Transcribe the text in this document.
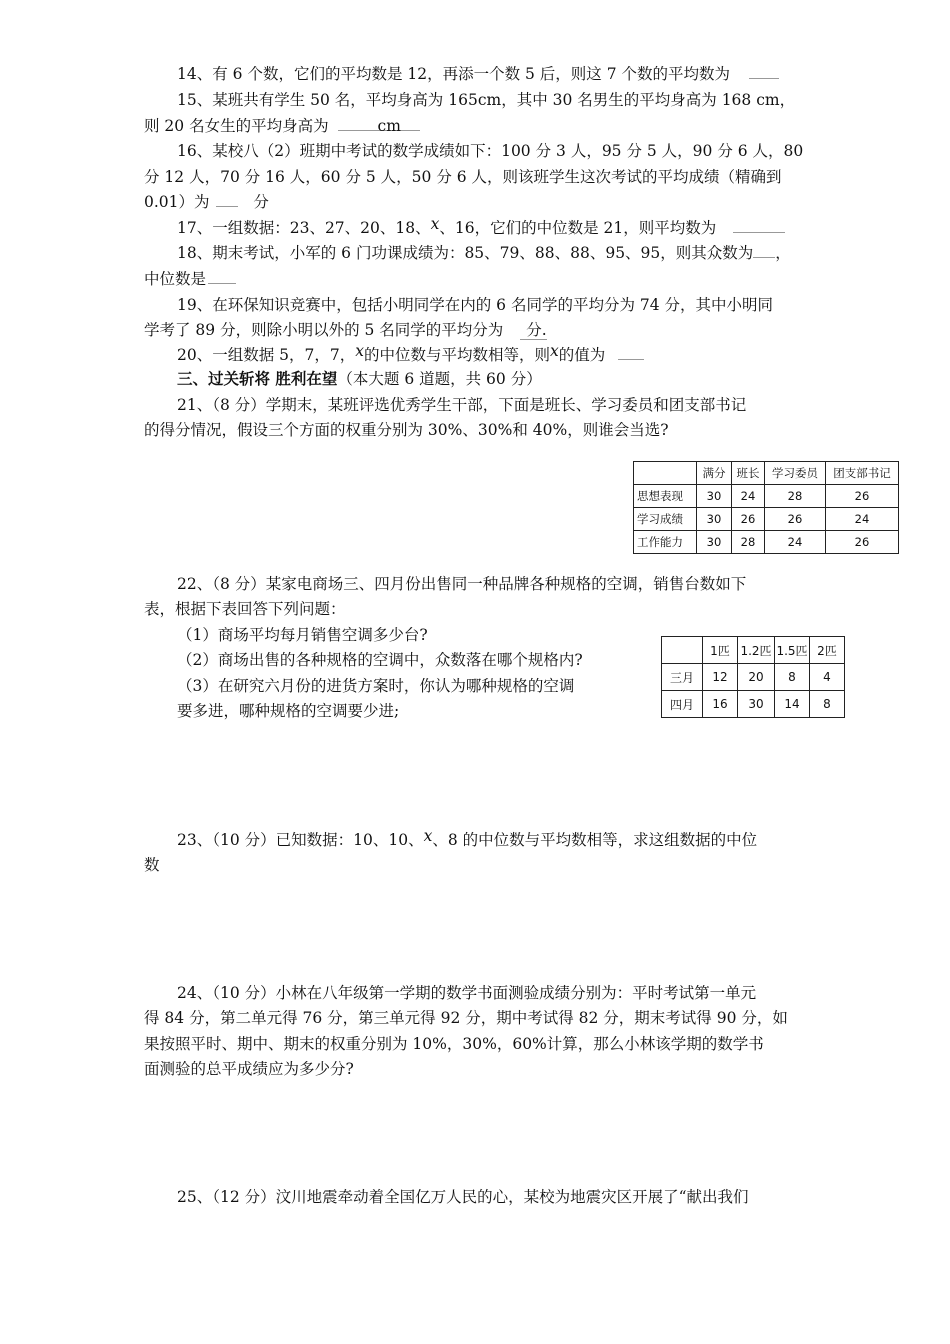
14、有 6 个数，它们的平均数是 12，再添一个数 5 后，则这 7 个数的平均数为
15、某班共有学生 50 名，平均身高为 165cm，其中 30 名男生的平均身高为 168 cm，
则 20 名女生的平均身高为	cm
16、某校八（2）班期中考试的数学成绩如下：100 分 3 人，95 分 5 人，90 分 6 人，80
分 12 人，70 分 16 人，60 分 5 人，50 分 6 人，则该班学生这次考试的平均成绩（精确到
0.01）为	分
17、一组数据：23、27、20、18、x、16，它们的中位数是 21，则平均数为
18、期末考试，小军的 6 门功课成绩为：85、79、88、88、95、95，则其众数为 ，
中位数是
19、在环保知识竞赛中，包括小明同学在内的 6 名同学的平均分为 74 分，其中小明同
学考了 89 分，则除小明以外的 5 名同学的平均分为 分.
20、一组数据 5，7，7，x的中位数与平均数相等，则x的值为
三、过关斩将 胜利在望（本大题 6 道题，共 60 分）
21、（8 分）学期末，某班评选优秀学生干部，下面是班长、学习委员和团支部书记
的得分情况，假设三个方面的权重分别为 30%、30%和 40%，则谁会当选?
	满分	班长	学习委员	团支部书记
思想表现	30	24	28	26
学习成绩	30	26	26	24
工作能力	30	28	24	26
22、（8 分）某家电商场三、四月份出售同一种品牌各种规格的空调，销售台数如下
表，根据下表回答下列问题：
（1）商场平均每月销售空调多少台?
（2）商场出售的各种规格的空调中，众数落在哪个规格内?
（3）在研究六月份的进货方案时，你认为哪种规格的空调
要多进，哪种规格的空调要少进;
	1匹	1.2匹	1.5匹	2匹
三月	12	20	8	4
四月	16	30	14	8
23、（10 分）已知数据：10、10、x、8 的中位数与平均数相等，求这组数据的中位
数
24、（10 分）小林在八年级第一学期的数学书面测验成绩分别为：平时考试第一单元
得 84 分，第二单元得 76 分，第三单元得 92 分，期中考试得 82 分，期末考试得 90 分，如
果按照平时、期中、期末的权重分别为 10%，30%，60%计算，那么小林该学期的数学书
面测验的总平成绩应为多少分?
25、（12 分）汶川地震牵动着全国亿万人民的心，某校为地震灾区开展了“献出我们
